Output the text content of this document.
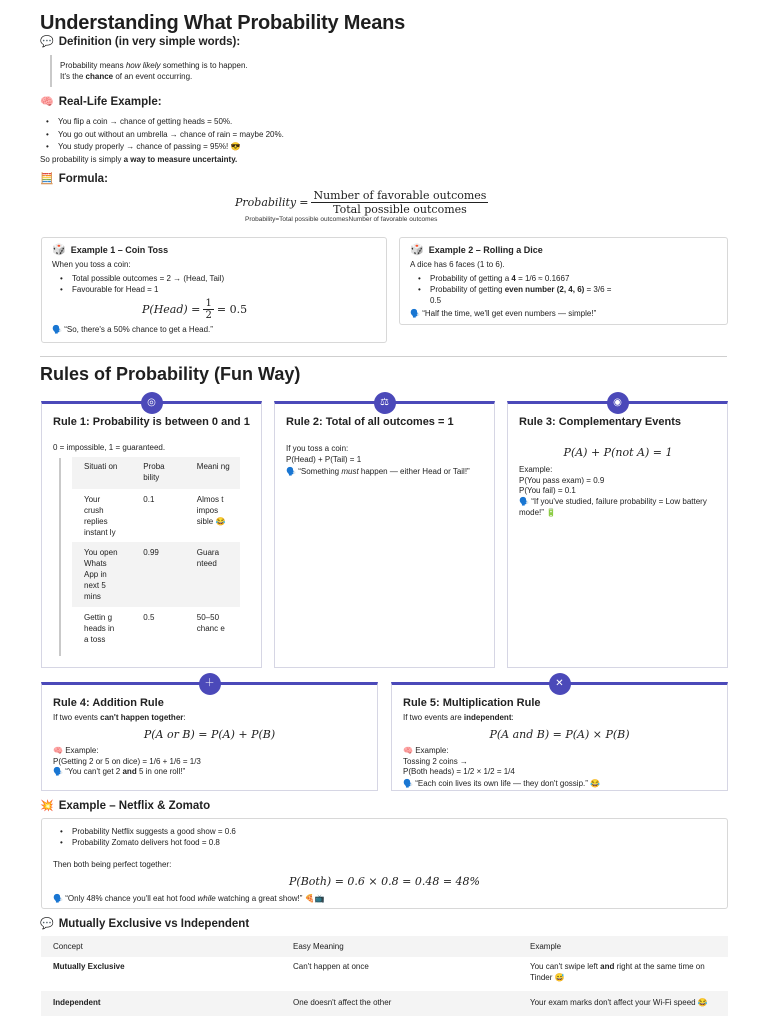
Understanding What Probability Means
💬 Definition (in very simple words):
Probability means how likely something is to happen.
It's the chance of an event occurring.
🧠 Real-Life Example:
• You flip a coin → chance of getting heads = 50%.
• You go out without an umbrella → chance of rain = maybe 20%.
• You study properly → chance of passing = 95%! 😎
So probability is simply a way to measure uncertainty.
🧮 Formula:
Probability = $\frac{\text{Number of favorable outcomes}}{\text{Total possible outcomes}}$
Probability=Total possible outcomesNumber of favorable outcomes
🎲 Example 1 – Coin Toss
When you toss a coin:
• Total possible outcomes = 2 → (Head, Tail)
• Favourable for Head = 1
P(Head) = $\frac{1}{2} = 0.5$
🗣️ “So, there's a 50% chance to get a Head.”
🎲 Example 2 – Rolling a Dice
A dice has 6 faces (1 to 6).
• Probability of getting a 4 = 1/6 ≈ 0.1667
• Probability of getting even number (2, 4, 6) = 3/6 =
0.5
🗣️ “Half the time, we'll get even numbers — simple!”
Rules of Probability (Fun Way)
◎
Rule 1: Probability is between 0 and 1
0 = impossible, 1 = guaranteed.
Situati on	Proba bility	Meani ng
Your crush replies instant ly	0.1	Almos t impos sible 😂
You open Whats App in next 5 mins	0.99	Guara nteed
Gettin g heads in a toss	0.5	50–50 chanc e
⚖
Rule 2: Total of all outcomes = 1
If you toss a coin:
P(Head) + P(Tail) = 1
🗣️ “Something must happen — either Head or Tail!”
◉
Rule 3: Complementary Events
P(A) + P(not A) = 1
Example:
P(You pass exam) = 0.9
P(You fail) = 0.1
🗣️ “If you've studied, failure probability = Low battery mode!” 🔋
＋
Rule 4: Addition Rule
If two events can't happen together:
P(A or B) = P(A) + P(B)
🧠 Example:
P(Getting 2 or 5 on dice) = 1/6 + 1/6 = 1/3
🗣️ “You can't get 2 and 5 in one roll!”
✕
Rule 5: Multiplication Rule
If two events are independent:
P(A and B) = P(A) × P(B)
🧠 Example:
Tossing 2 coins →
P(Both heads) = 1/2 × 1/2 = 1/4
🗣️ “Each coin lives its own life — they don't gossip.” 😂
💥 Example – Netflix & Zomato
• Probability Netflix suggests a good show = 0.6
• Probability Zomato delivers hot food = 0.8
Then both being perfect together:
P(Both) = 0.6 × 0.8 = 0.48 = 48%
🗣️ “Only 48% chance you'll eat hot food while watching a great show!” 🍕📺
💬 Mutually Exclusive vs Independent
Concept	Easy Meaning	Example
Mutually Exclusive	Can't happen at once	You can't swipe left and right at the same time on Tinder 😅
Independent	One doesn't affect the other	Your exam marks don't affect your Wi-Fi speed 😂
